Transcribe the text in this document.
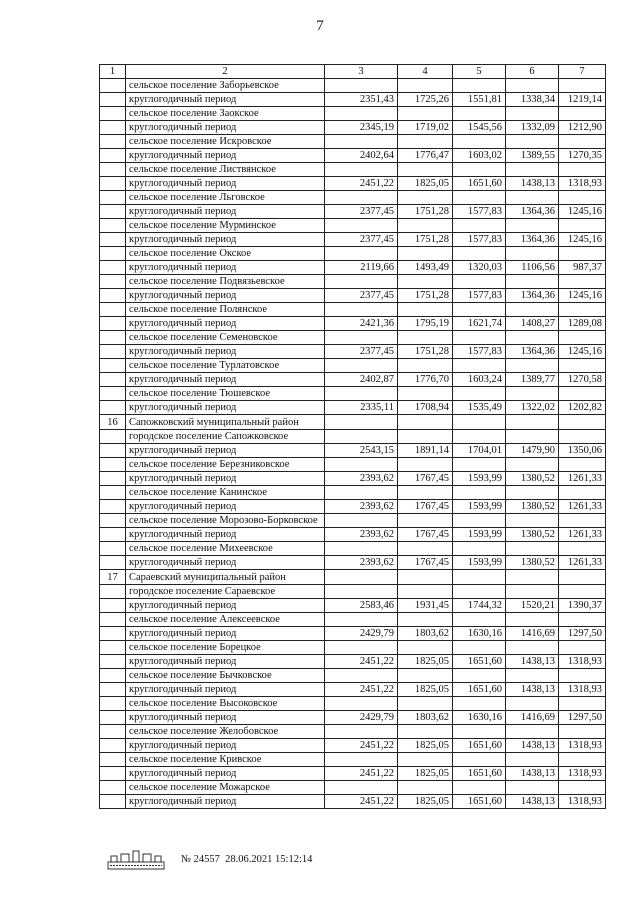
7
1	2	3	4	5	6	7
	сельское поселение Заборьевское					
	круглогодичный период	2351,43	1725,26	1551,81	1338,34	1219,14
	сельское поселение Заокское					
	круглогодичный период	2345,19	1719,02	1545,56	1332,09	1212,90
	сельское поселение Искровское					
	круглогодичный период	2402,64	1776,47	1603,02	1389,55	1270,35
	сельское поселение Листвянское					
	круглогодичный период	2451,22	1825,05	1651,60	1438,13	1318,93
	сельское поселение Льговское					
	круглогодичный период	2377,45	1751,28	1577,83	1364,36	1245,16
	сельское поселение Мурминское					
	круглогодичный период	2377,45	1751,28	1577,83	1364,36	1245,16
	сельское поселение Окское					
	круглогодичный период	2119,66	1493,49	1320,03	1106,56	987,37
	сельское поселение Подвязьевское					
	круглогодичный период	2377,45	1751,28	1577,83	1364,36	1245,16
	сельское поселение Полянское					
	круглогодичный период	2421,36	1795,19	1621,74	1408,27	1289,08
	сельское поселение Семеновское					
	круглогодичный период	2377,45	1751,28	1577,83	1364,36	1245,16
	сельское поселение Турлатовское					
	круглогодичный период	2402,87	1776,70	1603,24	1389,77	1270,58
	сельское поселение Тюшевское					
	круглогодичный период	2335,11	1708,94	1535,49	1322,02	1202,82
16	Сапожковский муниципальный район					
	городское поселение Сапожковское					
	круглогодичный период	2543,15	1891,14	1704,01	1479,90	1350,06
	сельское поселение Березниковское					
	круглогодичный период	2393,62	1767,45	1593,99	1380,52	1261,33
	сельское поселение Канинское					
	круглогодичный период	2393,62	1767,45	1593,99	1380,52	1261,33
	сельское поселение Морозово-Борковское					
	круглогодичный период	2393,62	1767,45	1593,99	1380,52	1261,33
	сельское поселение Михеевское					
	круглогодичный период	2393,62	1767,45	1593,99	1380,52	1261,33
17	Сараевский муниципальный район					
	городское поселение Сараевское					
	круглогодичный период	2583,46	1931,45	1744,32	1520,21	1390,37
	сельское поселение Алексеевское					
	круглогодичный период	2429,79	1803,62	1630,16	1416,69	1297,50
	сельское поселение Борецкое					
	круглогодичный период	2451,22	1825,05	1651,60	1438,13	1318,93
	сельское поселение Бычковское					
	круглогодичный период	2451,22	1825,05	1651,60	1438,13	1318,93
	сельское поселение Высоковское					
	круглогодичный период	2429,79	1803,62	1630,16	1416,69	1297,50
	сельское поселение Желобовское					
	круглогодичный период	2451,22	1825,05	1651,60	1438,13	1318,93
	сельское поселение Кривское					
	круглогодичный период	2451,22	1825,05	1651,60	1438,13	1318,93
	сельское поселение Можарское					
	круглогодичный период	2451,22	1825,05	1651,60	1438,13	1318,93
№ 24557 28.06.2021 15:12:14
